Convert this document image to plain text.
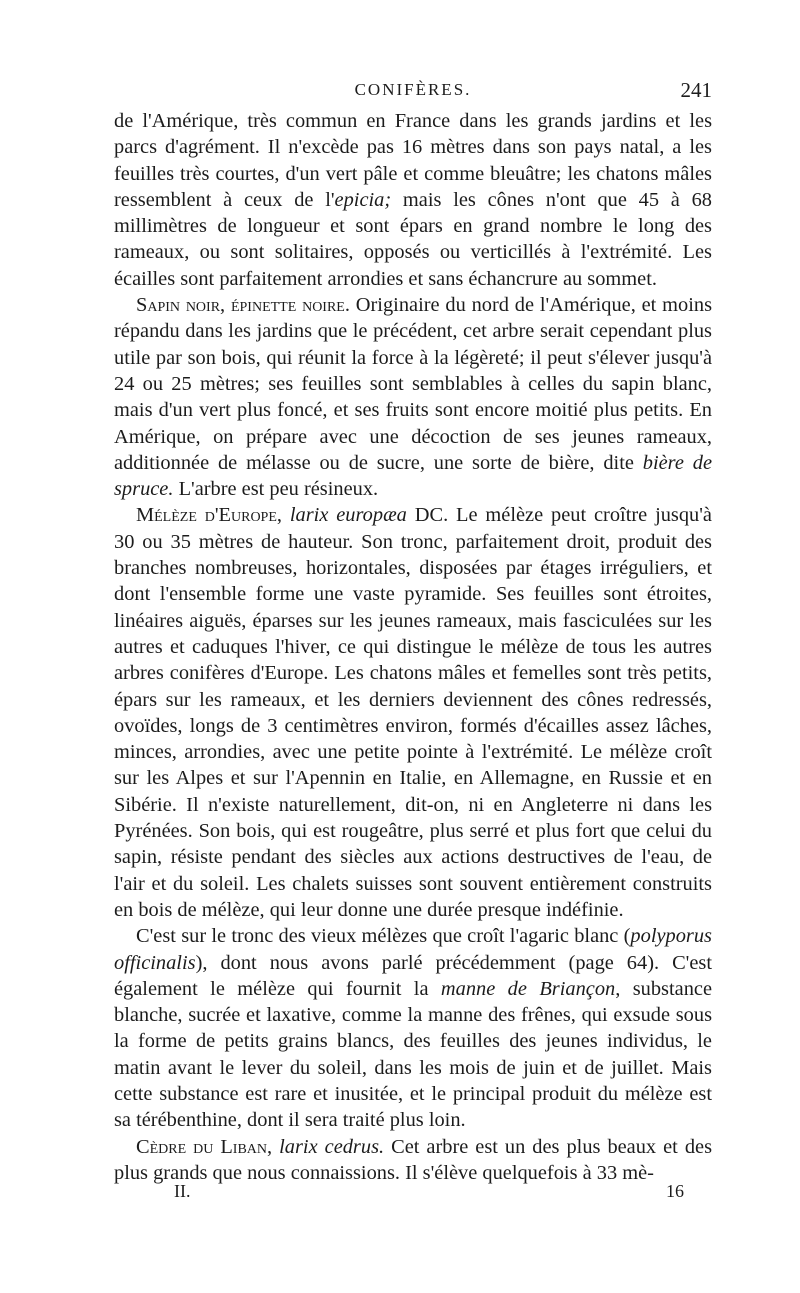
CONIFÈRES.	241

de l'Amérique, très commun en France dans les grands jardins et les parcs d'agrément. Il n'excède pas 16 mètres dans son pays natal, a les feuilles très courtes, d'un vert pâle et comme bleuâtre; les chatons mâles ressemblent à ceux de l'epicia; mais les cônes n'ont que 45 à 68 millimètres de longueur et sont épars en grand nombre le long des rameaux, ou sont solitaires, opposés ou verticillés à l'extrémité. Les écailles sont parfaitement arrondies et sans échancrure au sommet.

Sapin noir, épinette noire. Originaire du nord de l'Amérique, et moins répandu dans les jardins que le précédent, cet arbre serait cependant plus utile par son bois, qui réunit la force à la légèreté; il peut s'élever jusqu'à 24 ou 25 mètres; ses feuilles sont semblables à celles du sapin blanc, mais d'un vert plus foncé, et ses fruits sont encore moitié plus petits. En Amérique, on prépare avec une décoction de ses jeunes rameaux, additionnée de mélasse ou de sucre, une sorte de bière, dite bière de spruce. L'arbre est peu résineux.

Mélèze d'Europe, larix europæa DC. Le mélèze peut croître jusqu'à 30 ou 35 mètres de hauteur. Son tronc, parfaitement droit, produit des branches nombreuses, horizontales, disposées par étages irréguliers, et dont l'ensemble forme une vaste pyramide. Ses feuilles sont étroites, linéaires aiguës, éparses sur les jeunes rameaux, mais fasciculées sur les autres et caduques l'hiver, ce qui distingue le mélèze de tous les autres arbres conifères d'Europe. Les chatons mâles et femelles sont très petits, épars sur les rameaux, et les derniers deviennent des cônes redressés, ovoïdes, longs de 3 centimètres environ, formés d'écailles assez lâches, minces, arrondies, avec une petite pointe à l'extrémité. Le mélèze croît sur les Alpes et sur l'Apennin en Italie, en Allemagne, en Russie et en Sibérie. Il n'existe naturellement, dit-on, ni en Angleterre ni dans les Pyrénées. Son bois, qui est rougeâtre, plus serré et plus fort que celui du sapin, résiste pendant des siècles aux actions destructives de l'eau, de l'air et du soleil. Les chalets suisses sont souvent entièrement construits en bois de mélèze, qui leur donne une durée presque indéfinie.

C'est sur le tronc des vieux mélèzes que croît l'agaric blanc (polyporus officinalis), dont nous avons parlé précédemment (page 64). C'est également le mélèze qui fournit la manne de Briançon, substance blanche, sucrée et laxative, comme la manne des frênes, qui exsude sous la forme de petits grains blancs, des feuilles des jeunes individus, le matin avant le lever du soleil, dans les mois de juin et de juillet. Mais cette substance est rare et inusitée, et le principal produit du mélèze est sa térébenthine, dont il sera traité plus loin.

Cèdre du Liban, larix cedrus. Cet arbre est un des plus beaux et des plus grands que nous connaissions. Il s'élève quelquefois à 33 mè-

II.	16
